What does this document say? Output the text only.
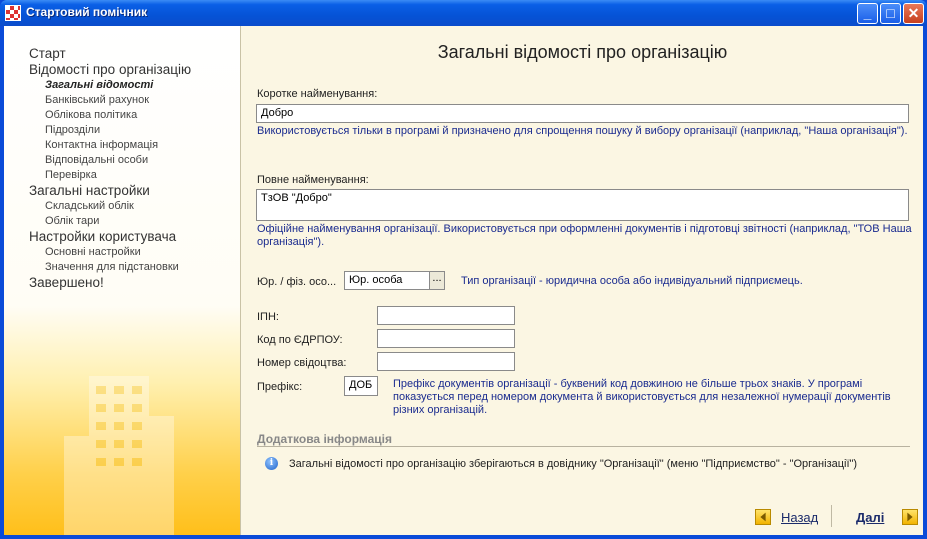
Стартовий помічник	_	□ ✕
Старт
Відомості про організацію
Загальні відомості
Банківський рахунок
Облікова політика
Підрозділи
Контактна інформація
Відповідальні особи
Перевірка
Загальні настройки
Складський облік
Облік тари
Настройки користувача
Основні настройки
Значення для підстановки
Завершено!
Загальні відомості про організацію
Коротке найменування:
Добро
Використовується тільки в програмі й призначено для спрощення пошуку й вибору організації (наприклад, "Наша організація").
Повне найменування:
ТзОВ "Добро"
Офіційне найменування організації. Використовується при оформленні документів і підготовці звітності (наприклад, "ТОВ Наша організація").
Юр. / фіз. осо...	Юр. особа	...	Тип організації - юридична особа або індивідуальний підприємець.
ІПН:
Код по ЄДРПОУ:
Номер свідоцтва:
Префікс:	ДОБ	Префікс документів організації - буквений код довжиною не більше трьох знаків. У програмі показується перед номером документа й використовується для незалежної нумерації документів різних організацій.
Додаткова інформація
i	Загальні відомості про організацію зберігаються в довіднику "Організації" (меню "Підприємство" - "Організації")
Назад	Далі
